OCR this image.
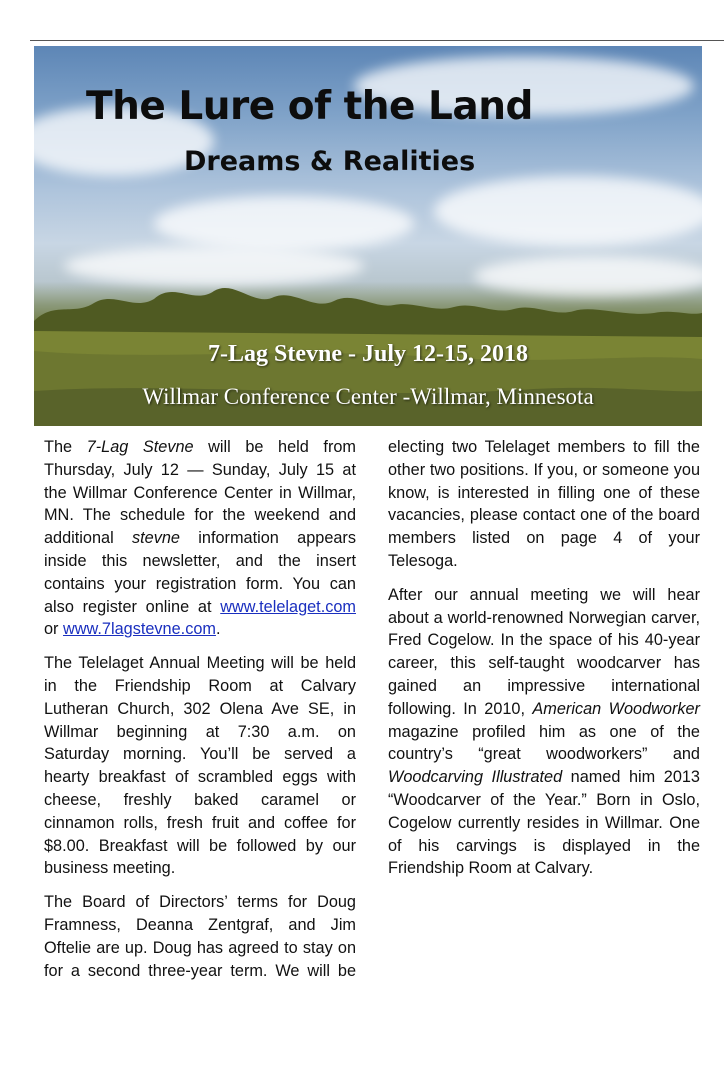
The Lure of the Land
Dreams & Realities
7-Lag Stevne - July 12-15, 2018
Willmar Conference Center -Willmar, Minnesota

The 7-Lag Stevne will be held from Thursday, July 12 — Sunday, July 15 at the Willmar Conference Center in Willmar, MN. The schedule for the weekend and additional stevne information appears inside this newsletter, and the insert contains your registration form. You can also register online at www.telelaget.com or www.7lagstevne.com.

The Telelaget Annual Meeting will be held in the Friendship Room at Calvary Lutheran Church, 302 Olena Ave SE, in Willmar beginning at 7:30 a.m. on Saturday morning. You’ll be served a hearty breakfast of scrambled eggs with cheese, freshly baked caramel or cinnamon rolls, fresh fruit and coffee for $8.00. Breakfast will be followed by our business meeting.

The Board of Directors’ terms for Doug Framness, Deanna Zentgraf, and Jim Oftelie are up. Doug has agreed to stay on for a second three-year term. We will be

electing two Telelaget members to fill the other two positions. If you, or someone you know, is interested in filling one of these vacancies, please contact one of the board members listed on page 4 of your Telesoga.

After our annual meeting we will hear about a world-renowned Norwegian carver, Fred Cogelow. In the space of his 40-year career, this self-taught woodcarver has gained an impressive international following. In 2010, American Woodworker magazine profiled him as one of the country’s “great woodworkers” and Woodcarving Illustrated named him 2013 “Woodcarver of the Year.” Born in Oslo, Cogelow currently resides in Willmar. One of his carvings is displayed in the Friendship Room at Calvary.
